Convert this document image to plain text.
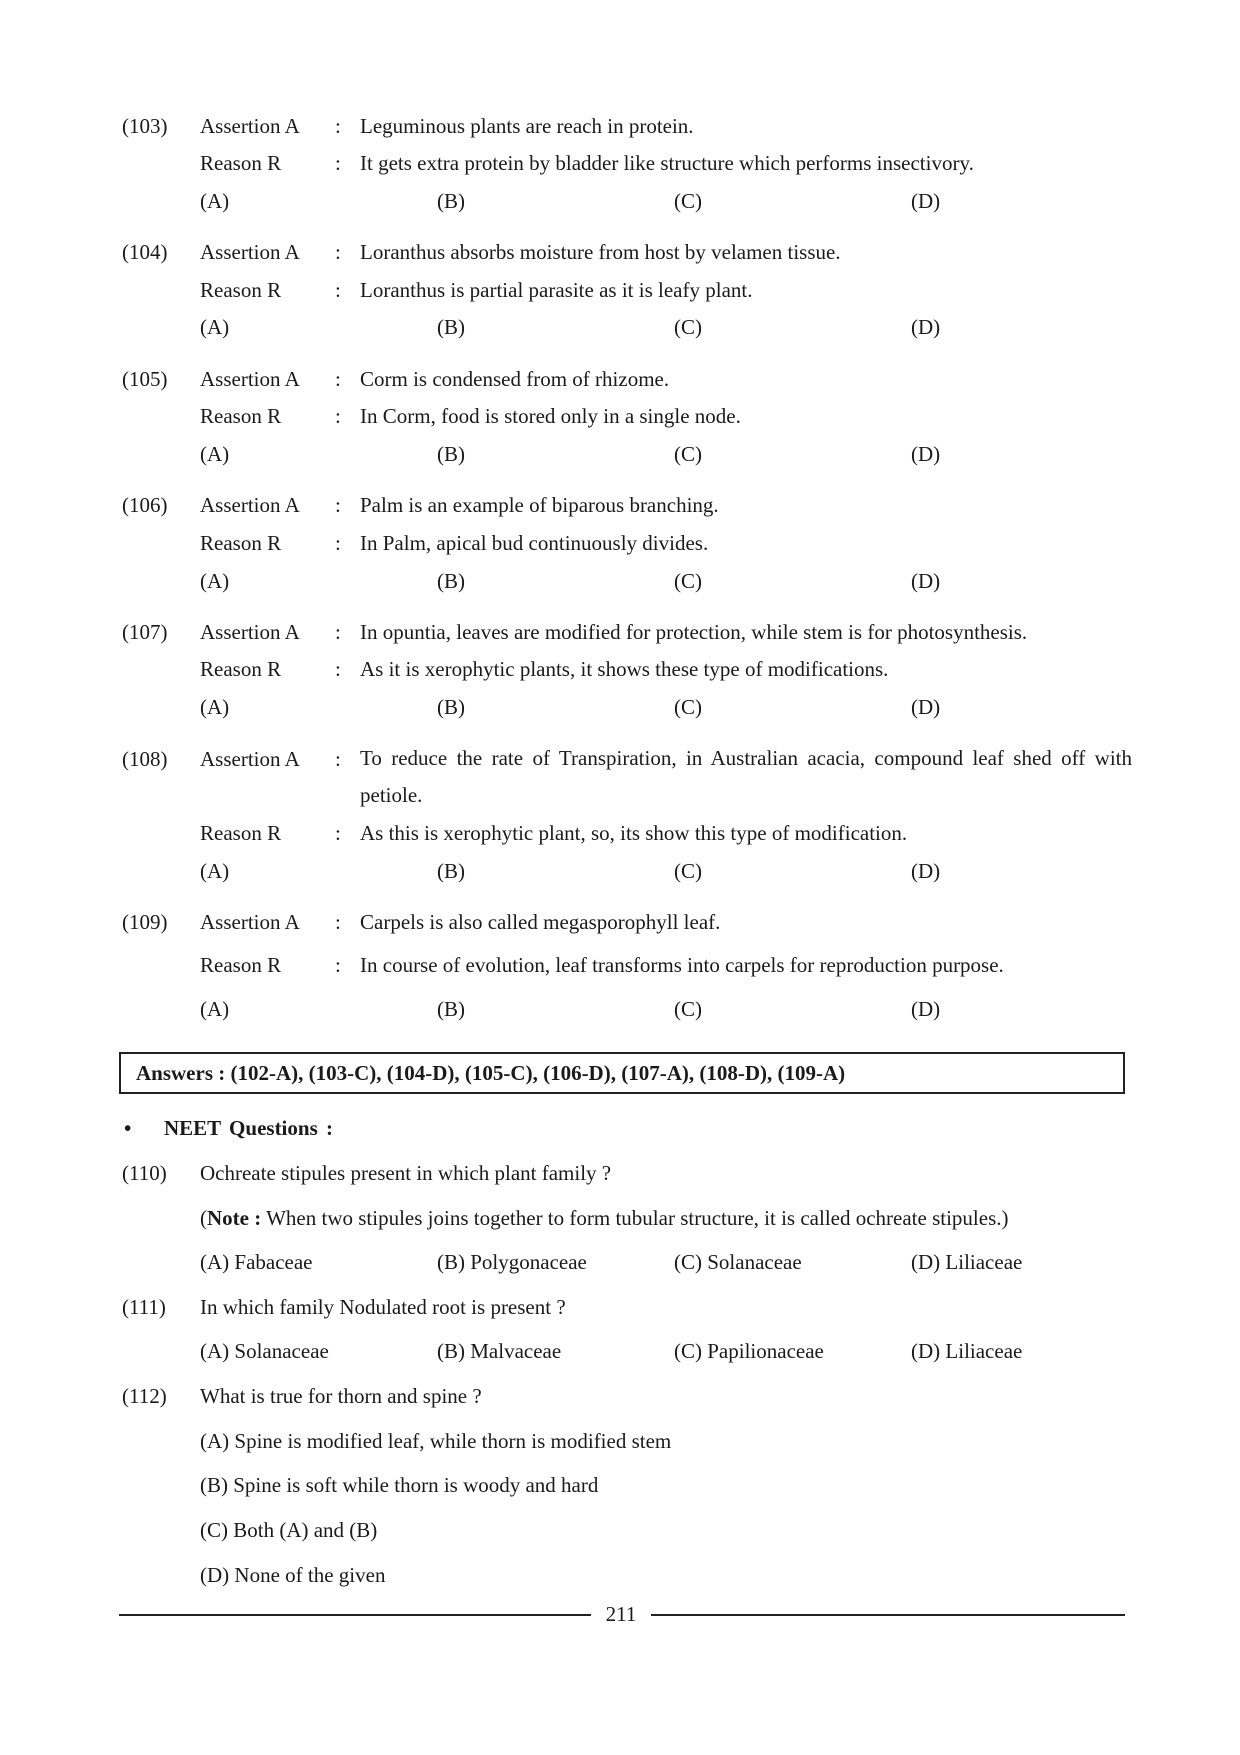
(103) Assertion A : Leguminous plants are reach in protein.
Reason R	: It gets extra protein by bladder like structure which performs insectivory.
(A)	(B)	(C)	(D)
(104) Assertion A : Loranthus absorbs moisture from host by velamen tissue.
Reason R	: Loranthus is partial parasite as it is leafy plant.
(A)	(B)	(C)	(D)
(105) Assertion A : Corm is condensed from of rhizome.
Reason R	: In Corm, food is stored only in a single node.
(A)	(B)	(C)	(D)
(106) Assertion A : Palm is an example of biparous branching.
Reason R	: In Palm, apical bud continuously divides.
(A)	(B)	(C)	(D)
(107) Assertion A : In opuntia, leaves are modified for protection, while stem is for photosynthesis.
Reason R	: As it is xerophytic plants, it shows these type of modifications.
(A)	(B)	(C)	(D)
(108) Assertion A : To reduce the rate of Transpiration, in Australian acacia, compound leaf shed off with petiole.
Reason R	: As this is xerophytic plant, so, its show this type of modification.
(A)	(B)	(C)	(D)
(109) Assertion A : Carpels is also called megasporophyll leaf.
Reason R	: In course of evolution, leaf transforms into carpels for reproduction purpose.
(A)	(B)	(C)	(D)
Answers : (102-A), (103-C), (104-D), (105-C), (106-D), (107-A), (108-D), (109-A)
• NEET Questions :
(110) Ochreate stipules present in which plant family ?
(Note : When two stipules joins together to form tubular structure, it is called ochreate stipules.)
(A) Fabaceae	(B) Polygonaceae	(C) Solanaceae	(D) Liliaceae
(111) In which family Nodulated root is present ?
(A) Solanaceae	(B) Malvaceae	(C) Papilionaceae	(D) Liliaceae
(112) What is true for thorn and spine ?
(A) Spine is modified leaf, while thorn is modified stem
(B) Spine is soft while thorn is woody and hard
(C) Both (A) and (B)
(D) None of the given
211
